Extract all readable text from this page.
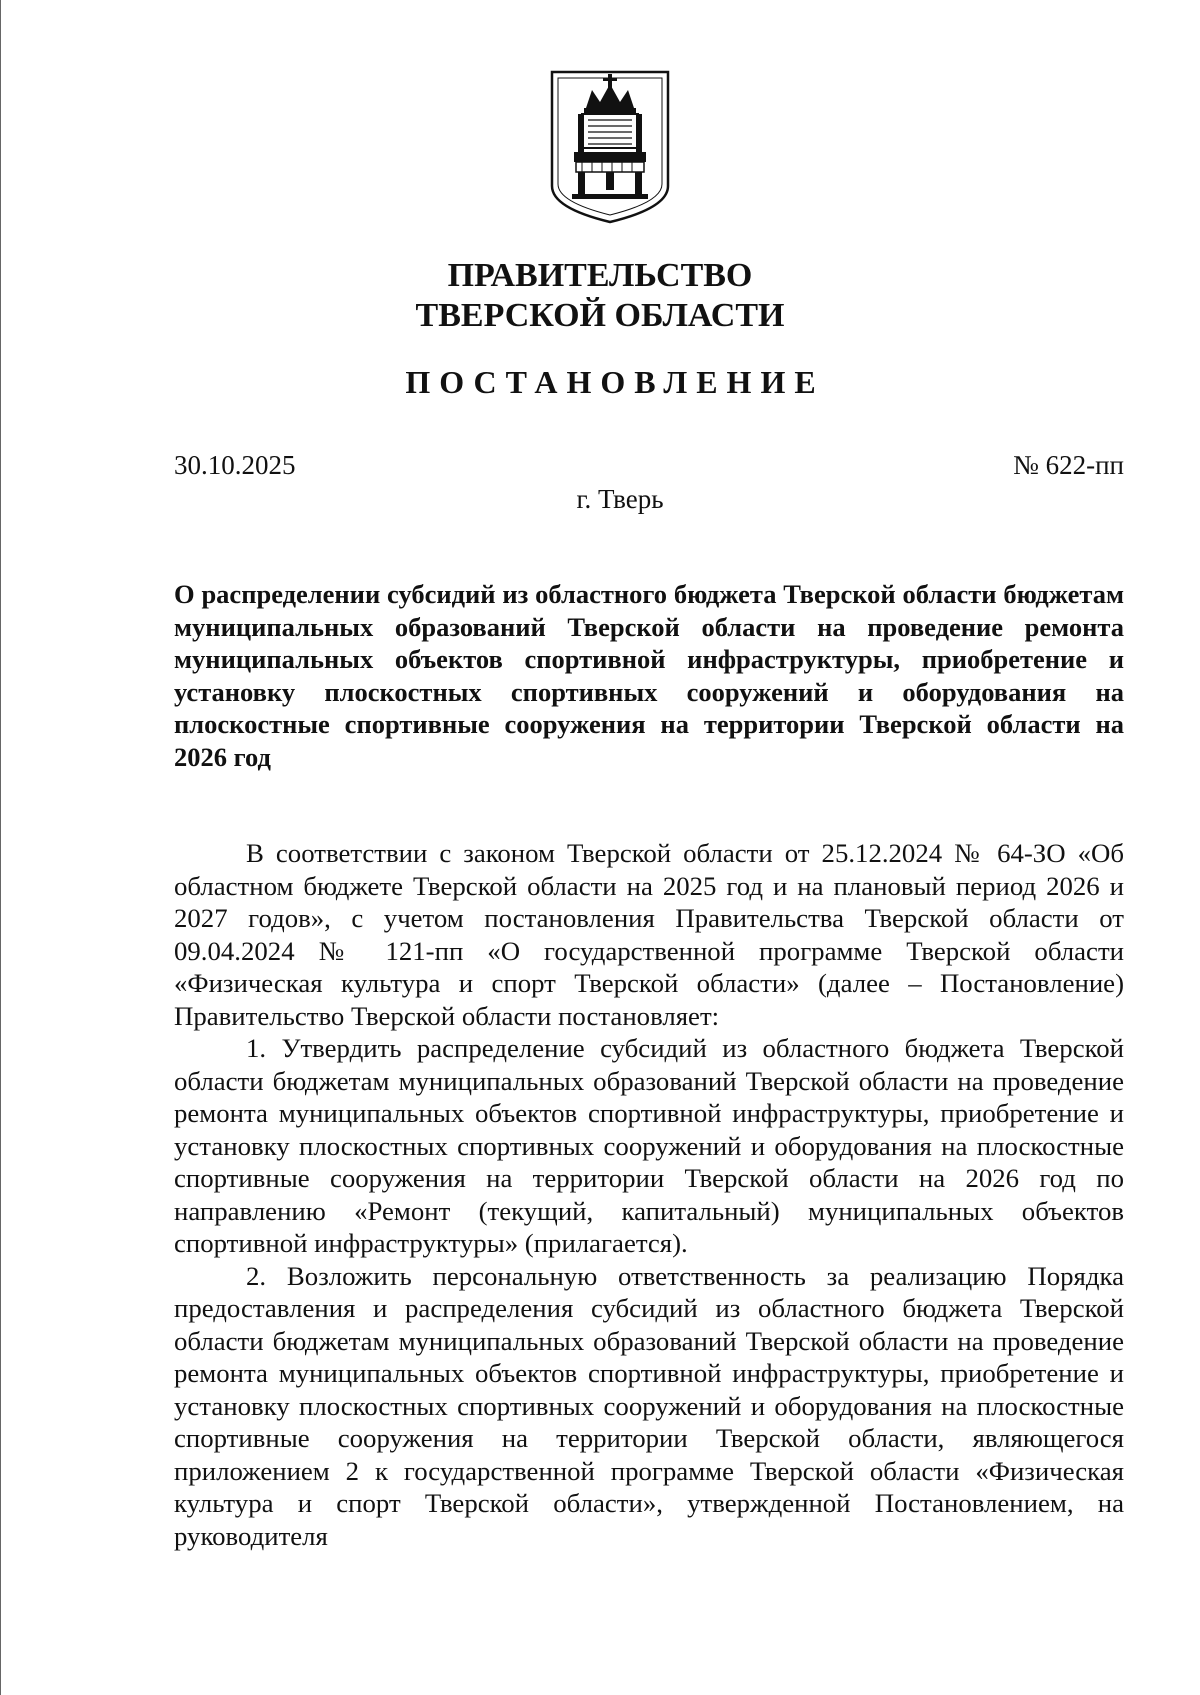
ПРАВИТЕЛЬСТВО
ТВЕРСКОЙ ОБЛАСТИ
ПОСТАНОВЛЕНИЕ
30.10.2025	№ 622-пп
г. Тверь
О распределении субсидий из областного бюджета Тверской области бюджетам муниципальных образований Тверской области на проведение ремонта муниципальных объектов спортивной инфраструктуры, приобретение и установку плоскостных спортивных сооружений и оборудования на плоскостные спортивные сооружения на территории Тверской области на 2026 год

В соответствии с законом Тверской области от 25.12.2024 № 64-ЗО «Об областном бюджете Тверской области на 2025 год и на плановый период 2026 и 2027 годов», с учетом постановления Правительства Тверской области от 09.04.2024 № 121-пп «О государственной программе Тверской области «Физическая культура и спорт Тверской области» (далее – Постановление) Правительство Тверской области постановляет:

1. Утвердить распределение субсидий из областного бюджета Тверской области бюджетам муниципальных образований Тверской области на проведение ремонта муниципальных объектов спортивной инфраструктуры, приобретение и установку плоскостных спортивных сооружений и оборудования на плоскостные спортивные сооружения на территории Тверской области на 2026 год по направлению «Ремонт (текущий, капитальный) муниципальных объектов спортивной инфраструктуры» (прилагается).

2. Возложить персональную ответственность за реализацию Порядка предоставления и распределения субсидий из областного бюджета Тверской области бюджетам муниципальных образований Тверской области на проведение ремонта муниципальных объектов спортивной инфраструктуры, приобретение и установку плоскостных спортивных сооружений и оборудования на плоскостные спортивные сооружения на территории Тверской области, являющегося приложением 2 к государственной программе Тверской области «Физическая культура и спорт Тверской области», утвержденной Постановлением, на руководителя
